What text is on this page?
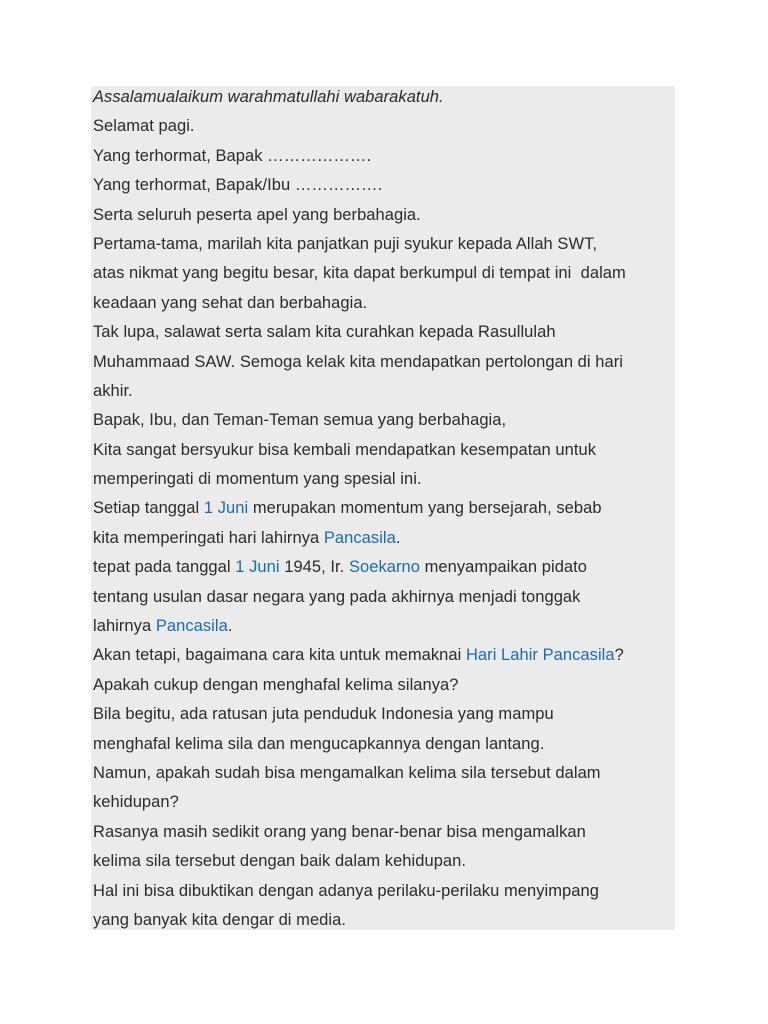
Assalamualaikum warahmatullahi wabarakatuh.
Selamat pagi.
Yang terhormat, Bapak ……………….
Yang terhormat, Bapak/Ibu …………….
Serta seluruh peserta apel yang berbahagia.
Pertama-tama, marilah kita panjatkan puji syukur kepada Allah SWT,
atas nikmat yang begitu besar, kita dapat berkumpul di tempat ini  dalam
keadaan yang sehat dan berbahagia.
Tak lupa, salawat serta salam kita curahkan kepada Rasullulah
Muhammaad SAW. Semoga kelak kita mendapatkan pertolongan di hari
akhir.
Bapak, Ibu, dan Teman-Teman semua yang berbahagia,
Kita sangat bersyukur bisa kembali mendapatkan kesempatan untuk
memperingati di momentum yang spesial ini.
Setiap tanggal 1 Juni merupakan momentum yang bersejarah, sebab
kita memperingati hari lahirnya Pancasila.
tepat pada tanggal 1 Juni 1945, Ir. Soekarno menyampaikan pidato
tentang usulan dasar negara yang pada akhirnya menjadi tonggak
lahirnya Pancasila.
Akan tetapi, bagaimana cara kita untuk memaknai Hari Lahir Pancasila?
Apakah cukup dengan menghafal kelima silanya?
Bila begitu, ada ratusan juta penduduk Indonesia yang mampu
menghafal kelima sila dan mengucapkannya dengan lantang.
Namun, apakah sudah bisa mengamalkan kelima sila tersebut dalam
kehidupan?
Rasanya masih sedikit orang yang benar-benar bisa mengamalkan
kelima sila tersebut dengan baik dalam kehidupan.
Hal ini bisa dibuktikan dengan adanya perilaku-perilaku menyimpang
yang banyak kita dengar di media.
